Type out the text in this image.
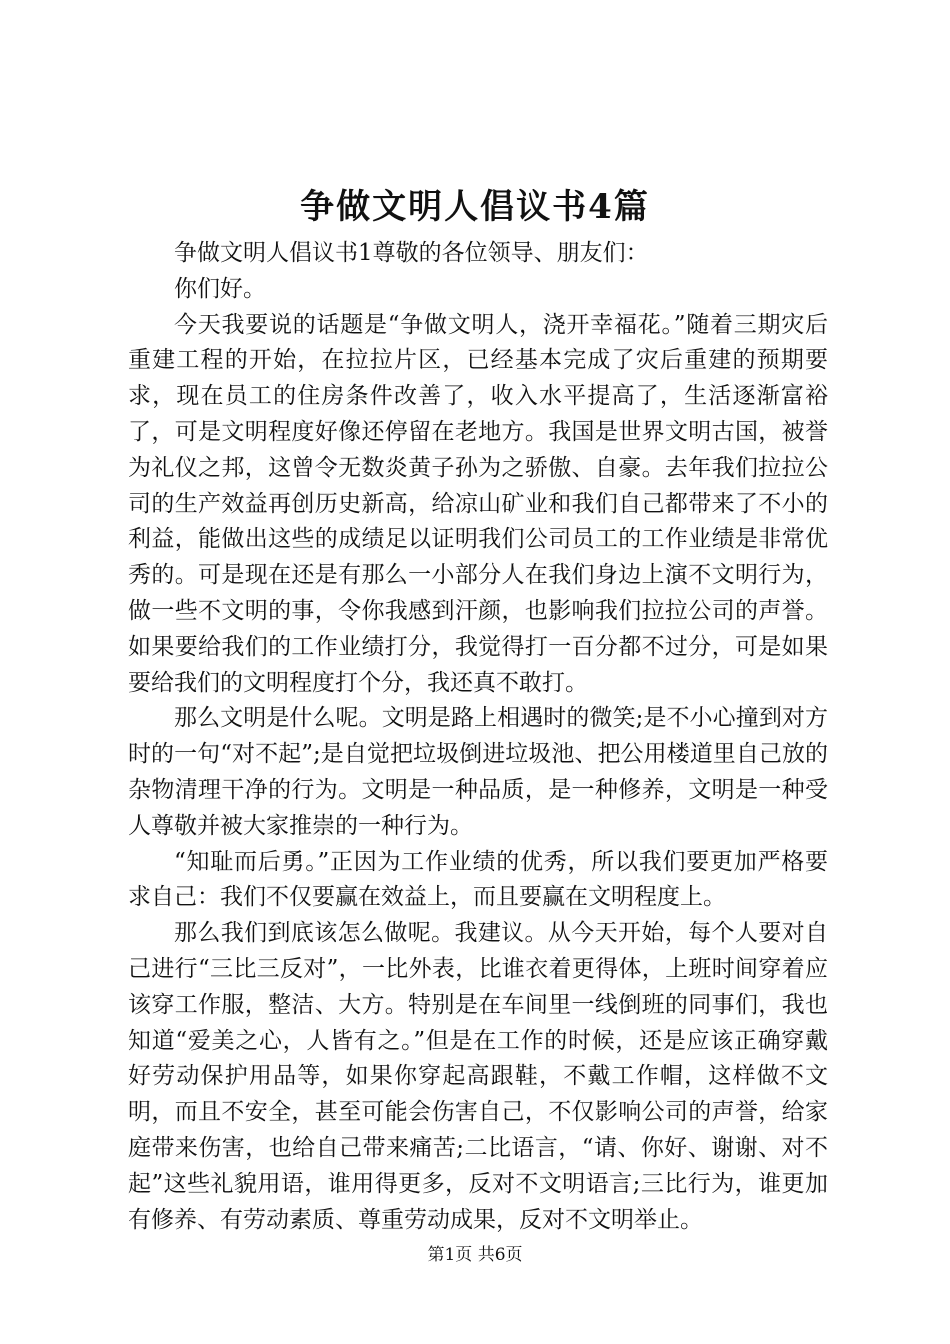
争做文明人倡议书4篇

争做文明人倡议书1尊敬的各位领导、朋友们：

你们好。

今天我要说的话题是“争做文明人，浇开幸福花。”随着三期灾后重建工程的开始，在拉拉片区，已经基本完成了灾后重建的预期要求，现在员工的住房条件改善了，收入水平提高了，生活逐渐富裕了，可是文明程度好像还停留在老地方。我国是世界文明古国，被誉为礼仪之邦，这曾令无数炎黄子孙为之骄傲、自豪。去年我们拉拉公司的生产效益再创历史新高，给凉山矿业和我们自己都带来了不小的利益，能做出这些的成绩足以证明我们公司员工的工作业绩是非常优秀的。可是现在还是有那么一小部分人在我们身边上演不文明行为，做一些不文明的事，令你我感到汗颜，也影响我们拉拉公司的声誉。如果要给我们的工作业绩打分，我觉得打一百分都不过分，可是如果要给我们的文明程度打个分，我还真不敢打。

那么文明是什么呢。文明是路上相遇时的微笑;是不小心撞到对方时的一句“对不起”;是自觉把垃圾倒进垃圾池、把公用楼道里自己放的杂物清理干净的行为。文明是一种品质，是一种修养，文明是一种受人尊敬并被大家推崇的一种行为。

“知耻而后勇。”正因为工作业绩的优秀，所以我们要更加严格要求自己：我们不仅要赢在效益上，而且要赢在文明程度上。

那么我们到底该怎么做呢。我建议。从今天开始，每个人要对自己进行“三比三反对”，一比外表，比谁衣着更得体，上班时间穿着应该穿工作服，整洁、大方。特别是在车间里一线倒班的同事们，我也知道“爱美之心，人皆有之。”但是在工作的时候，还是应该正确穿戴好劳动保护用品等，如果你穿起高跟鞋，不戴工作帽，这样做不文明，而且不安全，甚至可能会伤害自己，不仅影响公司的声誉，给家庭带来伤害，也给自己带来痛苦;二比语言，“请、你好、谢谢、对不起”这些礼貌用语，谁用得更多，反对不文明语言;三比行为，谁更加有修养、有劳动素质、尊重劳动成果，反对不文明举止。

第1页 共6页
